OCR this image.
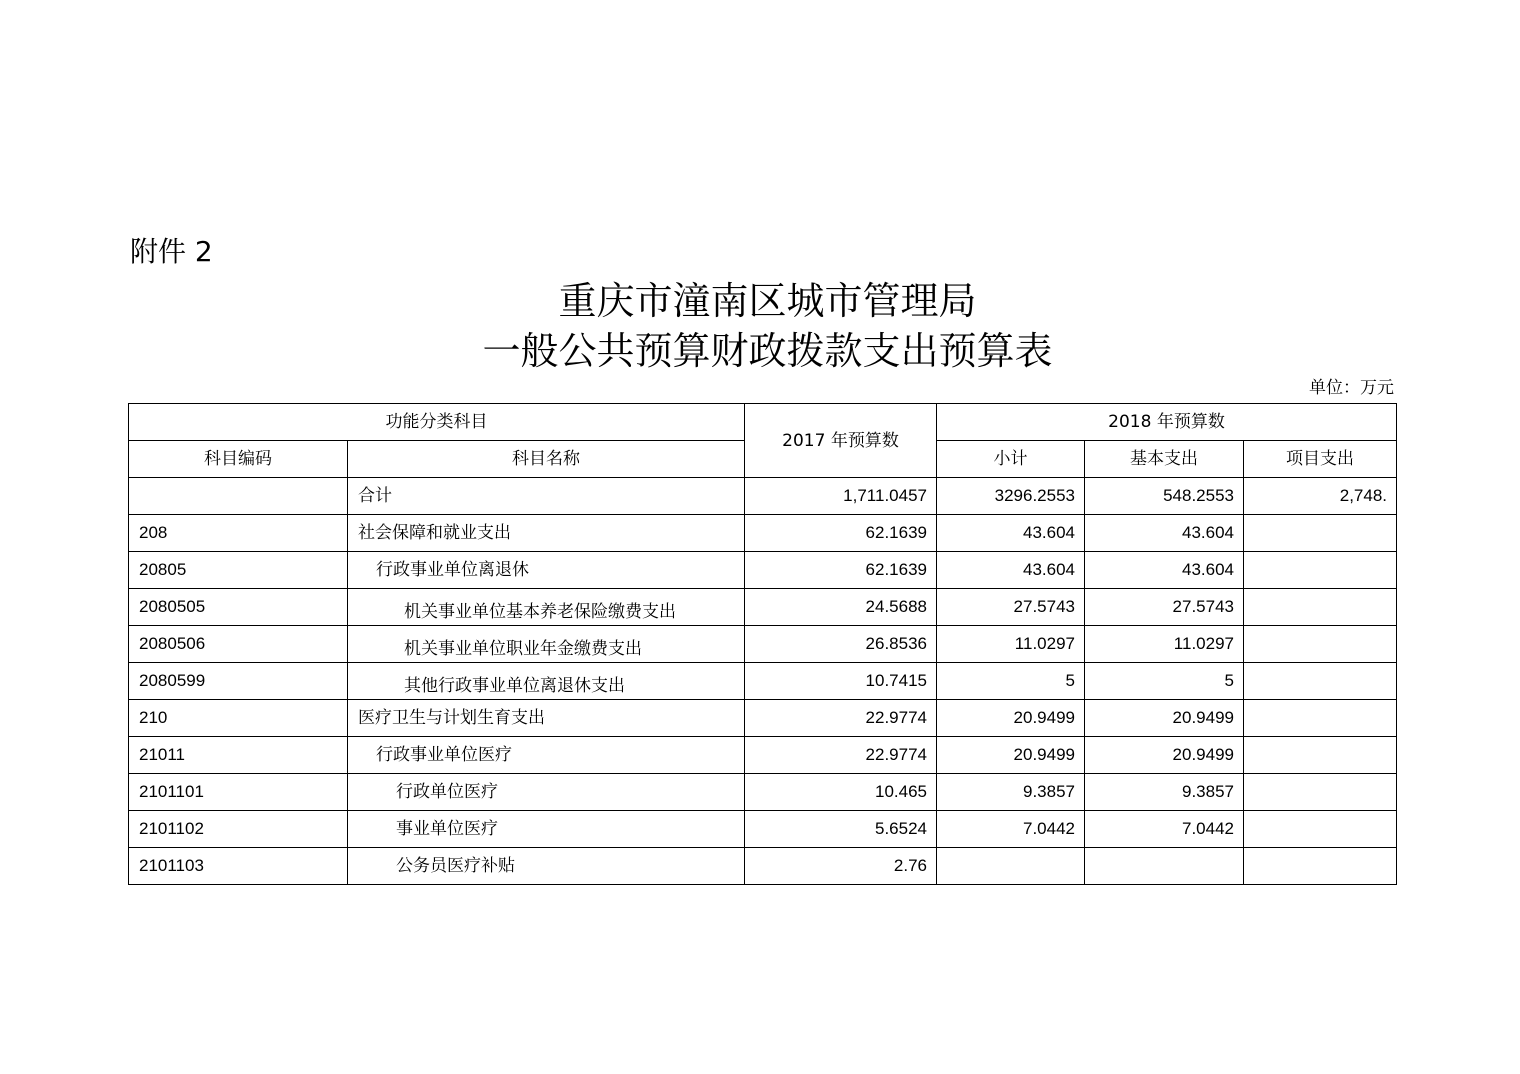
附件 2
重庆市潼南区城市管理局
一般公共预算财政拨款支出预算表
单位：万元
功能分类科目		2017 年预算数	2018 年预算数		
科目编码	科目名称		小计	基本支出	项目支出
	合计	1,711.0457	3296.2553	548.2553	2,748.
208	社会保障和就业支出	62.1639	43.604	43.604	
20805	行政事业单位离退休	62.1639	43.604	43.604	
2080505	机关事业单位基本养老保险缴费支出	24.5688	27.5743	27.5743	
2080506	机关事业单位职业年金缴费支出	26.8536	11.0297	11.0297	
2080599	其他行政事业单位离退休支出	10.7415	5	5	
210	医疗卫生与计划生育支出	22.9774	20.9499	20.9499	
21011	行政事业单位医疗	22.9774	20.9499	20.9499	
2101101	行政单位医疗	10.465	9.3857	9.3857	
2101102	事业单位医疗	5.6524	7.0442	7.0442	
2101103	公务员医疗补贴	2.76			
